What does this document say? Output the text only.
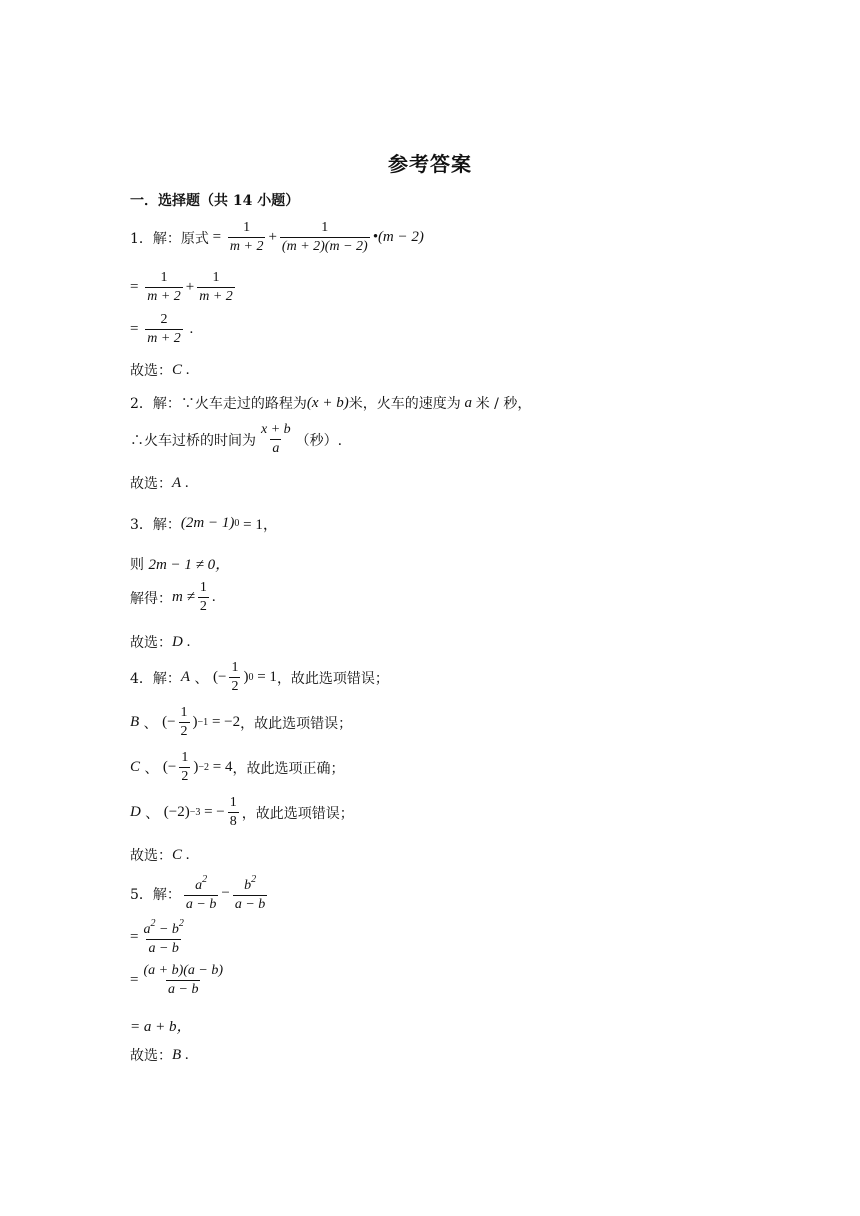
参考答案
一．选择题（共 14 小题）
1．解：原式 = $\frac{1}{m + 2} + \frac{1}{(m + 2)(m - 2)}$ •(m − 2)
= $\frac{1}{m + 2} + \frac{1}{m + 2}$
= $\frac{2}{m + 2}$ .
故选： C .
2．解： ∵火车走过的路程为 (x + b) 米，火车的速度为 a 米 / 秒，
∴火车过桥的时间为 $\frac{x + b}{a}$ （秒）.
故选： A .
3．解： (2m − 1) 0
= 1，
则
2m − 1 ≠ 0，
解得： $m \ne \frac{1}{2}$ .
故选： D .
4．解： A 、 (− $\frac{1}{2}$ ) 0
= 1 ，故此选项错误；
B 、 (− $\frac{1}{2}$ ) −1
= −2 ，故此选项错误；
C 、 (− $\frac{1}{2}$ ) −2
= 4 ，故此选项正确；
D 、 (−2) −3 = − $\frac{1}{8}$ ，故此选项错误；
故选： C .
5．解： $\frac{a^2}{a - b} - \frac{b^2}{a - b}$
= $\frac{a^2 - b^2}{a - b}$
= $\frac{(a + b)(a - b)}{a - b}$
= a + b，
故选： B .
